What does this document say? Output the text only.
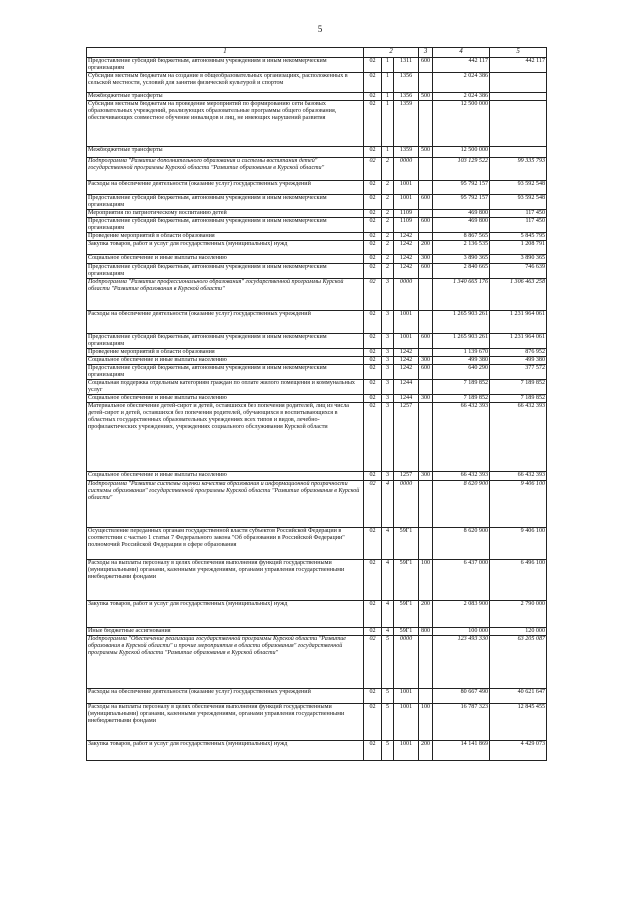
5
1	2			3	4	5
Предоставление субсидий бюджетным, автономным учреждениям и иным некоммерческим организациям	02	1	1311	600	442 117	442 117
Субсидии местным бюджетам на создание в общеобразовательных организациях, расположенных в сельской местности, условий для занятия физической культурой и спортом	02	1	1356		2 024 386	
Межбюджетные трансферты	02	1	1356	500	2 024 386	
Субсидии местным бюджетам на проведение мероприятий по формированию сети базовых образовательных учреждений, реализующих образовательные программы общего образования, обеспечивающих совместное обучение инвалидов и лиц, не имеющих нарушений развития	02	1	1359		12 500 000	
Межбюджетные трансферты	02	1	1359	500	12 500 000	
Подпрограмма "Развитие дополнительного образования и системы воспитания детей" государственной программы Курской области "Развитие образования в Курской области"	02	2	0000		103 129 522	99 335 793
Расходы на обеспечение деятельности (оказание услуг) государственных учреждений	02	2	1001		95 792 157	93 592 548
Предоставление субсидий бюджетным, автономным учреждениям и иным некоммерческим организациям	02	2	1001	600	95 792 157	93 592 548
Мероприятия по патриотическому воспитанию детей	02	2	1109		469 800	117 450
Предоставление субсидий бюджетным, автономным учреждениям и иным некоммерческим организациям	02	2	1109	600	469 800	117 450
Проведение мероприятий в области образования	02	2	1242		8 867 565	5 845 795
Закупка товаров, работ и услуг для государственных (муниципальных) нужд	02	2	1242	200	2 136 535	1 208 791
Социальное обеспечение и иные выплаты населению	02	2	1242	300	3 890 365	3 890 365
Предоставление субсидий бюджетным, автономным учреждениям и иным некоммерческим организациям	02	2	1242	600	2 840 665	746 639
Подпрограмма "Развитие профессионального образования" государственной программы Курской области "Развитие образования в Курской области"	02	3	0000		1 340 665 176	1 306 463 258
Расходы на обеспечение деятельности (оказание услуг) государственных учреждений	02	3	1001		1 265 903 261	1 231 964 061
Предоставление субсидий бюджетным, автономным учреждениям и иным некоммерческим организациям	02	3	1001	600	1 265 903 261	1 231 964 061
Проведение мероприятий в области образования	02	3	1242		1 139 670	876 952
Социальное обеспечение и иные выплаты населению	02	3	1242	300	499 380	499 380
Предоставление субсидий бюджетным, автономным учреждениям и иным некоммерческим организациям	02	3	1242	600	640 290	377 572
Социальная поддержка отдельным категориям граждан по оплате жилого помещения и коммунальных услуг	02	3	1244		7 189 852	7 189 852
Социальное обеспечение и иные выплаты населению	02	3	1244	300	7 189 852	7 189 852
Материальное обеспечение детей-сирот и детей, оставшихся без попечения родителей, лиц из числа детей-сирот и детей, оставшихся без попечения родителей, обучающихся в воспитывающихся в областных государственных образовательных учреждениях всех типов и видов, лечебно-профилактических учреждениях, учреждениях социального обслуживания Курской области	02	3	1257		66 432 393	66 432 393
Социальное обеспечение и иные выплаты населению	02	3	1257	300	66 432 393	66 432 393
Подпрограмма "Развитие системы оценки качества образования и информационной прозрачности системы образования" государственной программы Курской области "Развитие образования в Курской области"	02	4	0000		8 620 900	9 406 100
Осуществление переданных органам государственной власти субъектов Российской Федерации в соответствии с частью 1 статьи 7 Федерального закона "Об образовании в Российской Федерации" полномочий Российской Федерации в сфере образования	02	4	59Г1		8 620 900	9 406 100
Расходы на выплаты персоналу в целях обеспечения выполнения функций государственными (муниципальными) органами, казенными учреждениями, органами управления государственными внебюджетными фондами	02	4	59Г1	100	6 437 000	6 496 100
Закупка товаров, работ и услуг для государственных (муниципальных) нужд	02	4	59Г1	200	2 083 900	2 790 000
Иные бюджетные ассигнования	02	4	59Г1	800	100 000	120 000
Подпрограмма "Обеспечение реализации государственной программы Курской области "Развитие образования в Курской области" и прочие мероприятия в области образования" государственной программы Курской области "Развитие образования в Курской области"	02	5	0000		123 493 330	63 205 087
Расходы на обеспечение деятельности (оказание услуг) государственных учреждений	02	5	1001		80 667 490	40 621 647
Расходы на выплаты персоналу в целях обеспечения выполнения функций государственными (муниципальными) органами, казенными учреждениями, органами управления государственными внебюджетными фондами	02	5	1001	100	16 787 323	12 845 455
Закупка товаров, работ и услуг для государственных (муниципальных) нужд	02	5	1001	200	14 141 869	4 429 073
